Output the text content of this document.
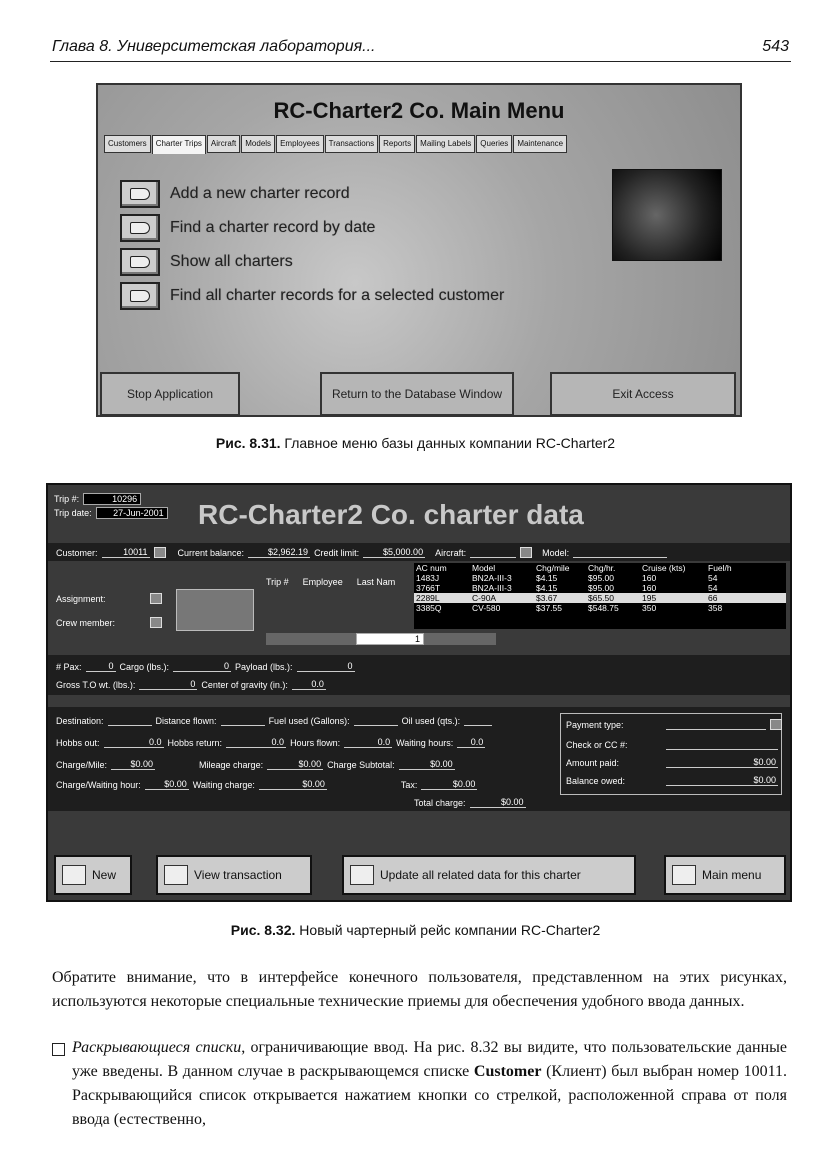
Глава 8. Университетская лаборатория...	543
RC-Charter2 Co. Main Menu
Customers	Charter Trips	Aircraft	Models	Employees	Transactions	Reports	Mailing Labels	Queries	Maintenance
Add a new charter record
Find a charter record by date
Show all charters
Find all charter records for a selected customer
Stop Application	Return to the Database Window	Exit Access
Рис. 8.31. Главное меню базы данных компании RC-Charter2
Trip #:	10296
Trip date:	27-Jun-2001 RC-Charter2 Co. charter data
Customer:	10011	Current balance:	$2,962.19 Credit limit:	$5,000.00 Aircraft:	Model:
Assignment:
Crew member:
Trip # Employee Last Nam
AC num	Model	Chg/mile	Chg/hr.	Cruise (kts)	Fuel/h
1483J	BN2A-III-3	$4.15	$95.00	160	54
3766T	BN2A-III-3	$4.15	$95.00	160	54
2289L	C-90A	$3.67	$65.50	195	66
3385Q	CV-580	$37.55	$548.75	350	358
1
# Pax:	0 Cargo (lbs.):	0 Payload (lbs.):	0
Gross T.O wt. (lbs.):	0 Center of gravity (in.):	0.0
Destination:	Distance flown:	Fuel used (Gallons):	Oil used (qts.):
Hobbs out:	0.0 Hobbs return:	0.0 Hours flown:	0.0 Waiting hours:	0.0
Charge/Mile:	$0.00	Mileage charge:	$0.00 Charge Subtotal:	$0.00
Charge/Waiting hour:	$0.00 Waiting charge:	$0.00	Tax:	$0.00
Total charge:	$0.00
Payment type:
Check or CC #:
Amount paid:	$0.00
Balance owed:	$0.00
New	View transaction	Update all related data for this charter	Main menu
Рис. 8.32. Новый чартерный рейс компании RC-Charter2
Обратите внимание, что в интерфейсе конечного пользователя, представленном на этих рисунках, используются некоторые специальные технические приемы для обеспечения удобного ввода данных.
Раскрывающиеся списки, ограничивающие ввод. На рис. 8.32 вы видите, что пользовательские данные уже введены. В данном случае в раскрывающемся списке Customer (Клиент) был выбран номер 10011. Раскрывающийся список открывается нажатием кнопки со стрелкой, расположенной справа от поля ввода (естественно,
